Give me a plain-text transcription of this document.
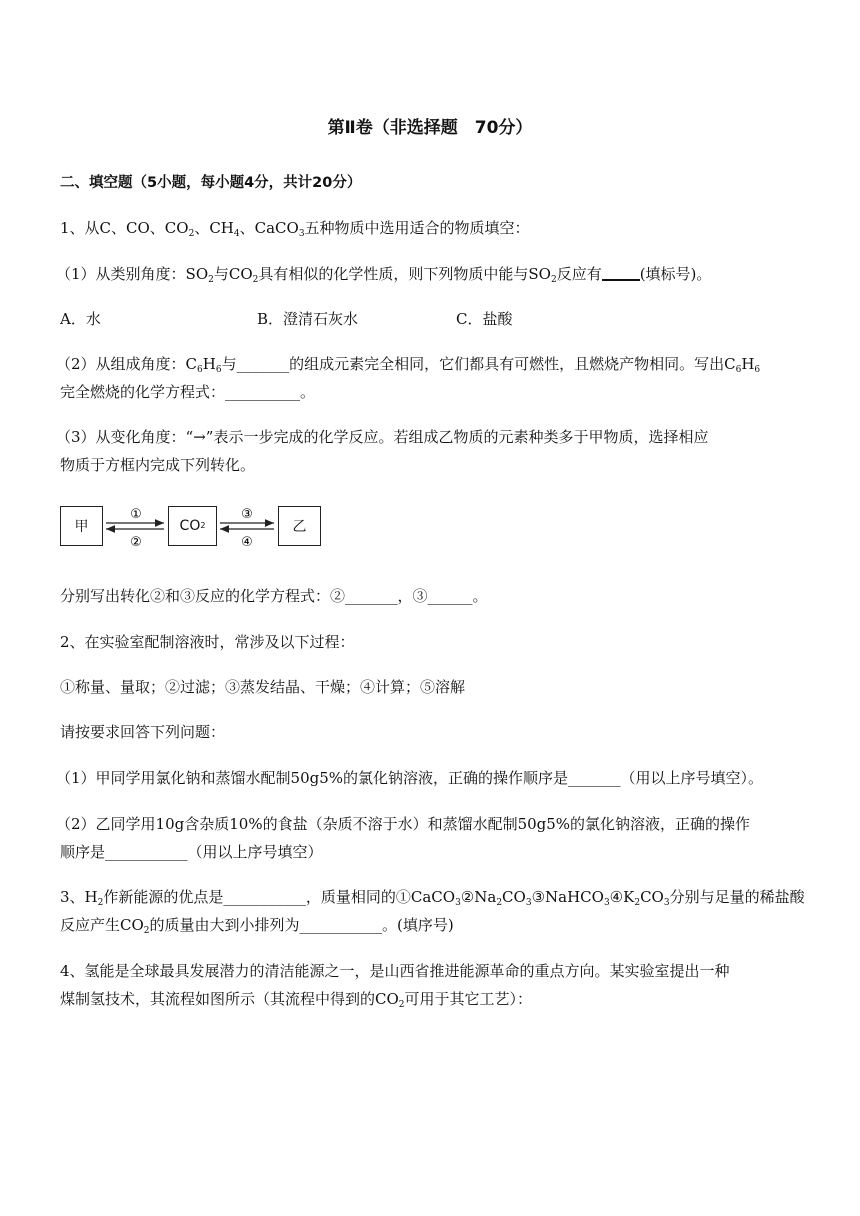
第Ⅱ卷（非选择题　70分）
二、填空题（5小题，每小题4分，共计20分）
1、从C、CO、$CO_2$、$CH_4$、CaCO$_3$五种物质中选用适合的物质填空：
（1）从类别角度：$SO_2$与$CO_2$具有相似的化学性质，则下列物质中能与$SO_2$反应有	(填标号)。
A．水	B．澄清石灰水	C．盐酸
（2）从组成角度：$C_6H_6$与_______的组成元素完全相同，它们都具有可燃性，且燃烧产物相同。写出$C_6H_6$
完全燃烧的化学方程式：__________。
（3）从变化角度：“→”表示一步完成的化学反应。若组成乙物质的元素种类多于甲物质，选择相应
物质于方框内完成下列转化。
甲	CO 2	乙
①
②
③
④
分别写出转化②和③反应的化学方程式：②_______，③______。
2、在实验室配制溶液时，常涉及以下过程：
①称量、量取；②过滤；③蒸发结晶、干燥；④计算；⑤溶解
请按要求回答下列问题：
（1）甲同学用氯化钠和蒸馏水配制50g5%的氯化钠溶液，正确的操作顺序是_______（用以上序号填空）。
（2）乙同学用10g含杂质10%的食盐（杂质不溶于水）和蒸馏水配制50g5%的氯化钠溶液，正确的操作
顺序是___________（用以上序号填空）
3、$H_2$作新能源的优点是___________，质量相同的$①CaCO_3②Na_2CO_3③NaHCO_3④K_2CO_3$分别与足量的稀盐酸
反应产生$CO_2$的质量由大到小排列为___________。(填序号)
4、氢能是全球最具发展潜力的清洁能源之一，是山西省推进能源革命的重点方向。某实验室提出一种
煤制氢技术，其流程如图所示（其流程中得到的$CO_2$可用于其它工艺）：
